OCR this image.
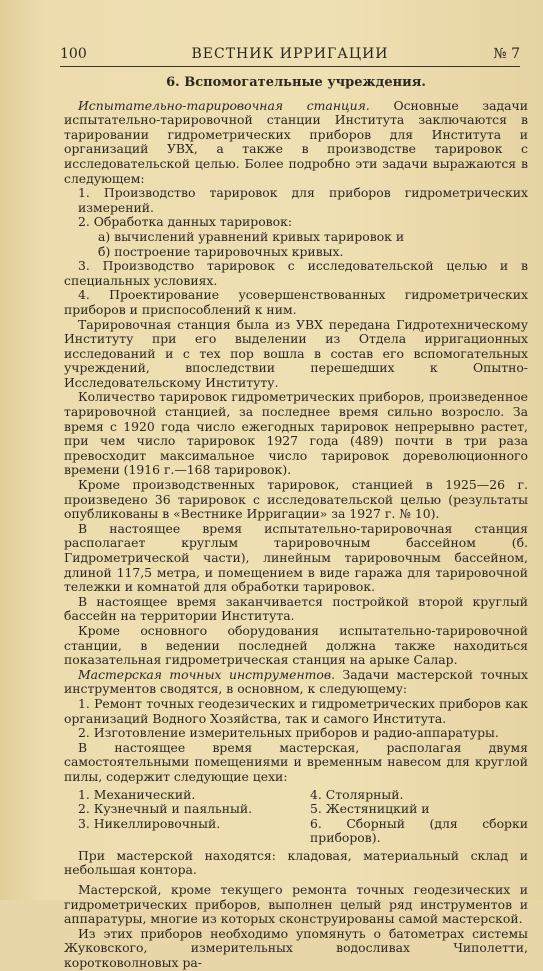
100	ВЕСТНИК ИРРИГАЦИИ	№ 7
6. Вспомогательные учреждения.

Испытательно-тарировочная станция. Основные задачи испытательно-тарировочной станции Института заключаются в тарировании гидрометрических приборов для Института и организаций УВХ, а также в производстве тарировок с исследовательской целью. Более подробно эти задачи выражаются в следующем:

1. Производство тарировок для приборов гидрометрических измерений.

2. Обработка данных тарировок:

а) вычислений уравнений кривых тарировок и

б) построение тарировочных кривых.

3. Производство тарировок с исследовательской целью и в специальных условиях.

4. Проектирование усовершенствованных гидрометрических приборов и приспособлений к ним.

Тарировочная станция была из УВХ передана Гидротехническому Институту при его выделении из Отдела ирригационных исследований и с тех пор вошла в состав его вспомогательных учреждений, впоследствии перешедших к Опытно-Исследовательскому Институту.

Количество тарировок гидрометрических приборов, произведенное тарировочной станцией, за последнее время сильно возросло. За время с 1920 года число ежегодных тарировок непрерывно растет, при чем число тарировок 1927 года (489) почти в три раза превосходит максимальное число тарировок дореволюционного времени (1916 г.—168 тарировок).

Кроме производственных тарировок, станцией в 1925—26 г. произведено 36 тарировок с исследовательской целью (результаты опубликованы в «Вестнике Ирригации» за 1927 г. № 10).

В настоящее время испытательно-тарировочная станция располагает круглым тарировочным бассейном (б. Гидрометрической части), линейным тарировочным бассейном, длиной 117,5 метра, и помещением в виде гаража для тарировочной тележки и комнатой для обработки тарировок.

В настоящее время заканчивается постройкой второй круглый бассейн на территории Института.

Кроме основного оборудования испытательно-тарировочной станции, в ведении последней должна также находиться показательная гидрометрическая станция на арыке Салар.

Мастерская точных инструментов. Задачи мастерской точных инструментов сводятся, в основном, к следующему:

1. Ремонт точных геодезических и гидрометрических приборов как организаций Водного Хозяйства, так и самого Института.

2. Изготовление измерительных приборов и радио-аппаратуры.

В настоящее время мастерская, располагая двумя самостоятельными помещениями и временным навесом для круглой пилы, содержит следующие цехи:

1. Механический.
2. Кузнечный и паяльный.
3. Никеллировочный.
4. Столярный.
5. Жестяницкий и
6. Сборный (для сборки приборов).

При мастерской находятся: кладовая, материальный склад и небольшая контора.

Мастерской, кроме текущего ремонта точных геодезических и гидрометрических приборов, выполнен целый ряд инструментов и аппаратуры, многие из которых сконструированы самой мастерской.

Из этих приборов необходимо упомянуть о батометрах системы Жуковского, измерительных водосливах Чиполетти, коротковолновых ра-
